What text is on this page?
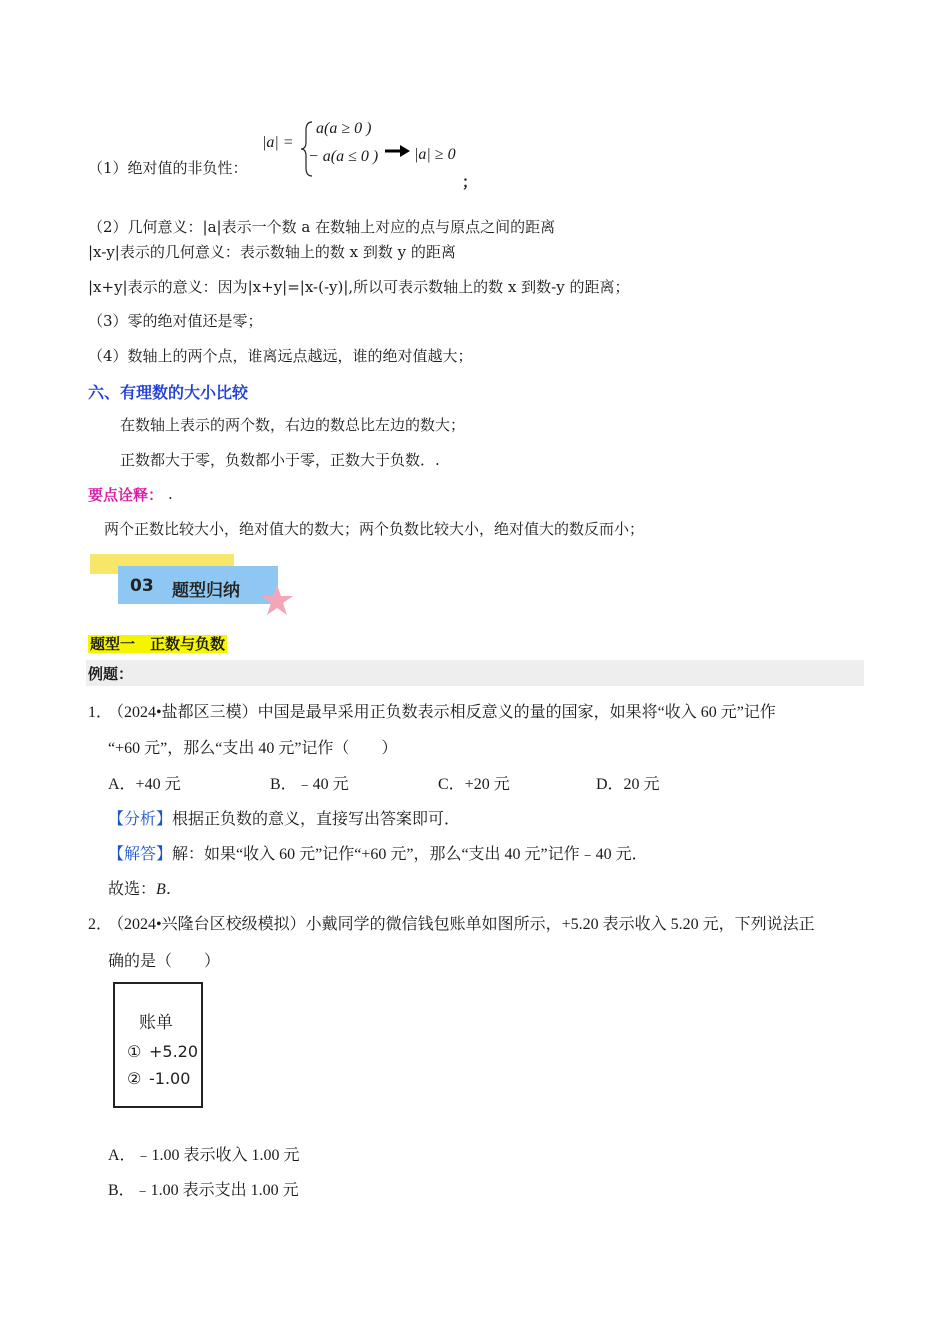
（1）绝对值的非负性：
|a| =
a(a ≥ 0 )
− a(a ≤ 0 ) |a| ≥ 0
；
（2）几何意义：|a|表示一个数 a 在数轴上对应的点与原点之间的距离
|x-y|表示的几何意义：表示数轴上的数 x 到数 y 的距离
|x+y|表示的意义：因为|x+y|=|x-(-y)|,所以可表示数轴上的数 x 到数-y 的距离；
（3）零的绝对值还是零；
（4）数轴上的两个点，谁离远点越远，谁的绝对值越大；
六、有理数的大小比较
在数轴上表示的两个数，右边的数总比左边的数大；
正数都大于零，负数都小于零，正数大于负数．.
要点诠释： .
两个正数比较大小，绝对值大的数大；两个负数比较大小，绝对值大的数反而小；
03 题型归纳
题型一　正数与负数
例题：
1．
（2024•盐都区三模）中国是最早采用正负数表示相反意义的量的国家，如果将“收入 60 元”记作
“+60 元”，那么“支出 40 元”记作（　　）
A．+40 元	B．﹣40 元	C．+20 元	D．20 元
【分析】根据正负数的意义，直接写出答案即可．
【解答】解：如果“收入 60 元”记作“+60 元”，那么“支出 40 元”记作﹣40 元．
故选：B．
2．
（2024•兴隆台区校级模拟）小戴同学的微信钱包账单如图所示，+5.20 表示收入 5.20 元，下列说法正
确的是（　　）
账单
① +5.20
② -1.00
A．﹣1.00 表示收入 1.00 元
B．﹣1.00 表示支出 1.00 元
